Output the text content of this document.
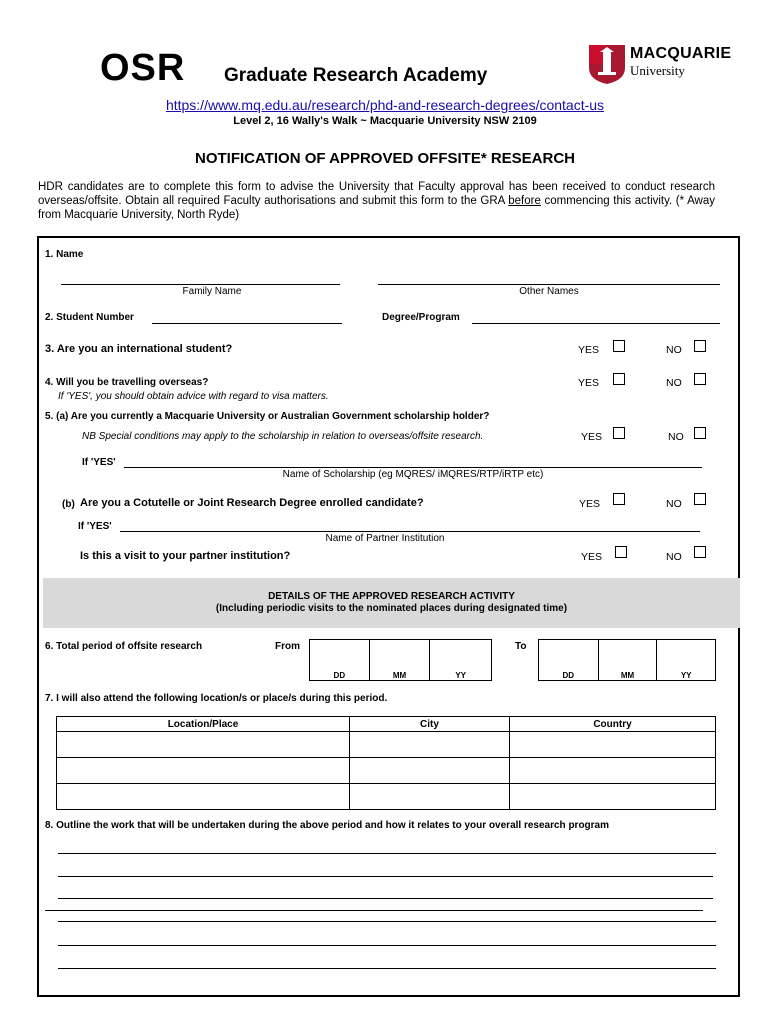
OSR Graduate Research Academy
MACQUARIE
University
https://www.mq.edu.au/research/phd-and-research-degrees/contact-us
Level 2, 16 Wally's Walk ~ Macquarie University NSW 2109
NOTIFICATION OF APPROVED OFFSITE* RESEARCH
HDR candidates are to complete this form to advise the University that Faculty approval has been received to conduct research overseas/offsite. Obtain all required Faculty authorisations and submit this form to the GRA before commencing this activity. (* Away from Macquarie University, North Ryde)
1. Name
Family Name	Other Names
2. Student Number	Degree/Program
3. Are you an international student?	YES	NO
4. Will you be travelling overseas?
If 'YES', you should obtain advice with regard to visa matters.
YES	NO
5. (a) Are you currently a Macquarie University or Australian Government scholarship holder?
NB Special conditions may apply to the scholarship in relation to overseas/offsite research.	YES	NO
If 'YES'
Name of Scholarship (eg MQRES/ iMQRES/RTP/iRTP etc)
(b) Are you a Cotutelle or Joint Research Degree enrolled candidate?	YES	NO
If 'YES'
Name of Partner Institution
Is this a visit to your partner institution?	YES	NO
DETAILS OF THE APPROVED RESEARCH ACTIVITY
(Including periodic visits to the nominated places during designated time)
6. Total period of offsite research	From	To
DD	MM	YY	DD	MM	YY
7. I will also attend the following location/s or place/s during this period.
Location/Place	City	Country

8. Outline the work that will be undertaken during the above period and how it relates to your overall research program
